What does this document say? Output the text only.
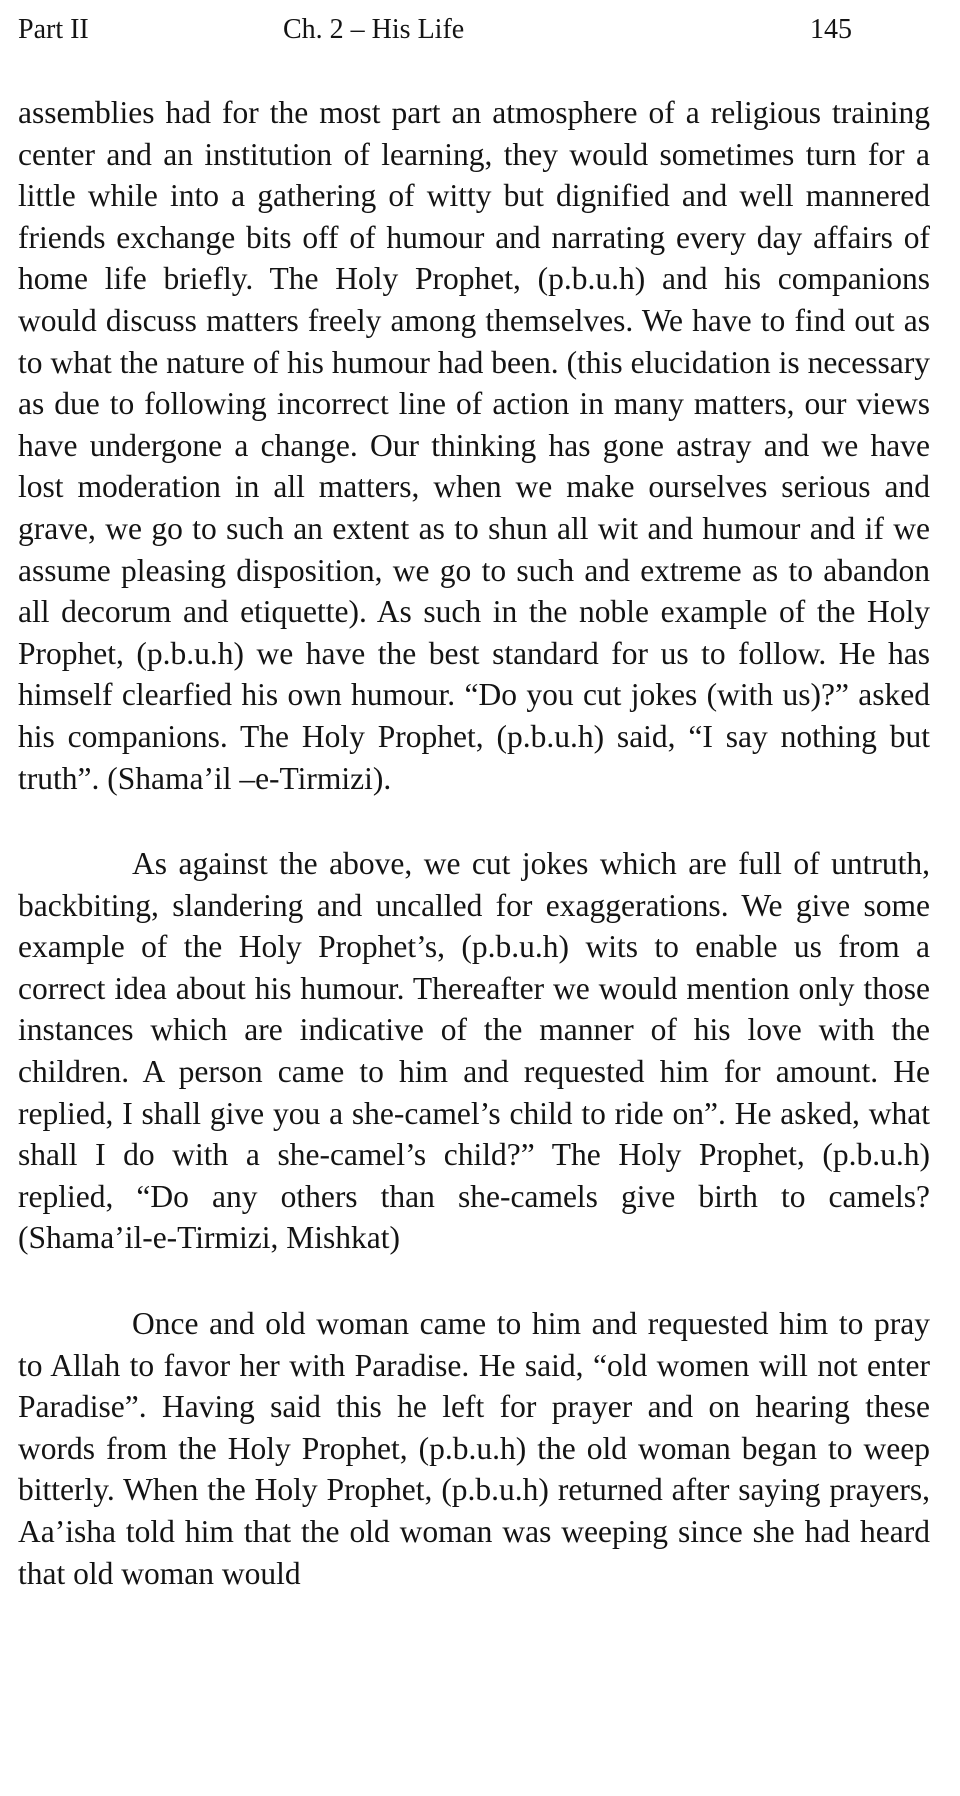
Part II	Ch. 2 – His Life	145

assemblies had for the most part an atmosphere of a religious training center and an institution of learning, they would sometimes turn for a little while into a gathering of witty but dignified and well mannered friends exchange bits off of humour and narrating every day affairs of home life briefly. The Holy Prophet, (p.b.u.h) and his companions would discuss matters freely among themselves. We have to find out as to what the nature of his humour had been. (this elucidation is necessary as due to following incorrect line of action in many matters, our views have undergone a change. Our thinking has gone astray and we have lost moderation in all matters, when we make ourselves serious and grave, we go to such an extent as to shun all wit and humour and if we assume pleasing disposition, we go to such and extreme as to abandon all decorum and etiquette). As such in the noble example of the Holy Prophet, (p.b.u.h) we have the best standard for us to follow. He has himself clearfied his own humour. “Do you cut jokes (with us)?” asked his companions. The Holy Prophet, (p.b.u.h) said, “I say nothing but truth”. (Shama’il –e-Tirmizi).

As against the above, we cut jokes which are full of untruth, backbiting, slandering and uncalled for exaggerations. We give some example of the Holy Prophet’s, (p.b.u.h) wits to enable us from a correct idea about his humour. Thereafter we would mention only those instances which are indicative of the manner of his love with the children. A person came to him and requested him for amount. He replied, I shall give you a she-camel’s child to ride on”. He asked, what shall I do with a she-camel’s child?” The Holy Prophet, (p.b.u.h) replied, “Do any others than she-camels give birth to camels? (Shama’il-e-Tirmizi, Mishkat)

Once and old woman came to him and requested him to pray to Allah to favor her with Paradise. He said, “old women will not enter Paradise”. Having said this he left for prayer and on hearing these words from the Holy Prophet, (p.b.u.h) the old woman began to weep bitterly. When the Holy Prophet, (p.b.u.h) returned after saying prayers, Aa’isha told him that the old woman was weeping since she had heard that old woman would
